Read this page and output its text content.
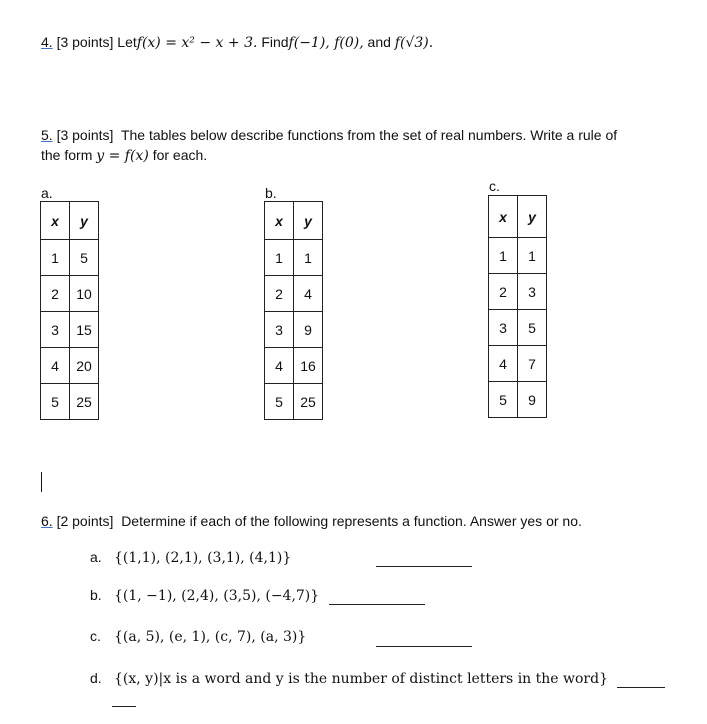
4. [3 points] Letf(x) = x² − x + 3. Findf(−1), f(0), and f(√3).
5. [3 points] The tables below describe functions from the set of real numbers. Write a rule of
the form y = f(x) for each.
a.	b.	c.
x	y
1	5
2	10
3	15
4	20
5	25
x	y
1	1
2	4
3	9
4	16
5	25
x	y
1	1
2	3
3	5
4	7
5	9
6. [2 points] Determine if each of the following represents a function. Answer yes or no.
a. {(1,1), (2,1), (3,1), (4,1)}
b. {(1, −1), (2,4), (3,5), (−4,7)}
c. {(a, 5), (e, 1), (c, 7), (a, 3)}
d. {(x, y)|x is a word and y is the number of distinct letters in the word}
